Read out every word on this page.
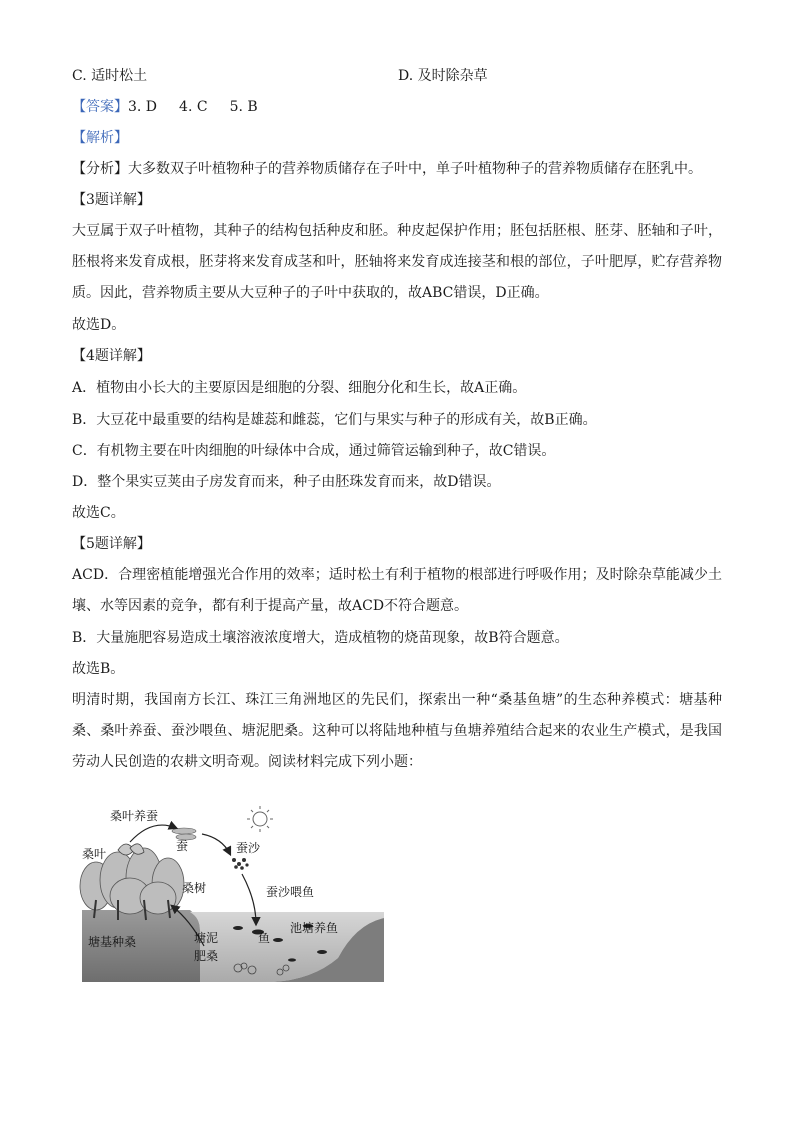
C. 适时松土	D. 及时除杂草
【答案】3. D 4. C 5. B
【解析】
【分析】大多数双子叶植物种子的营养物质储存在子叶中，单子叶植物种子的营养物质储存在胚乳中。
【3题详解】
大豆属于双子叶植物，其种子的结构包括种皮和胚。种皮起保护作用；胚包括胚根、胚芽、胚轴和子叶，胚根将来发育成根，胚芽将来发育成茎和叶，胚轴将来发育成连接茎和根的部位，子叶肥厚，贮存营养物质。因此，营养物质主要从大豆种子的子叶中获取的，故ABC错误，D正确。
故选D。
【4题详解】
A．植物由小长大的主要原因是细胞的分裂、细胞分化和生长，故A正确。
B．大豆花中最重要的结构是雄蕊和雌蕊，它们与果实与种子的形成有关，故B正确。
C．有机物主要在叶肉细胞的叶绿体中合成，通过筛管运输到种子，故C错误。
D．整个果实豆荚由子房发育而来，种子由胚珠发育而来，故D错误。
故选C。
【5题详解】
ACD．合理密植能增强光合作用的效率；适时松土有利于植物的根部进行呼吸作用；及时除杂草能减少土壤、水等因素的竞争，都有利于提高产量，故ACD不符合题意。
B．大量施肥容易造成土壤溶液浓度增大，造成植物的烧苗现象，故B符合题意。
故选B。
明清时期，我国南方长江、珠江三角洲地区的先民们，探索出一种“桑基鱼塘”的生态种养模式：塘基种桑、桑叶养蚕、蚕沙喂鱼、塘泥肥桑。这种可以将陆地种植与鱼塘养殖结合起来的农业生产模式，是我国劳动人民创造的农耕文明奇观。阅读材料完成下列小题：
桑叶养蚕
桑叶
蚕	蚕沙
蚕沙喂鱼
桑树
鱼
池塘养鱼
塘基种桑	塘泥
肥桑
